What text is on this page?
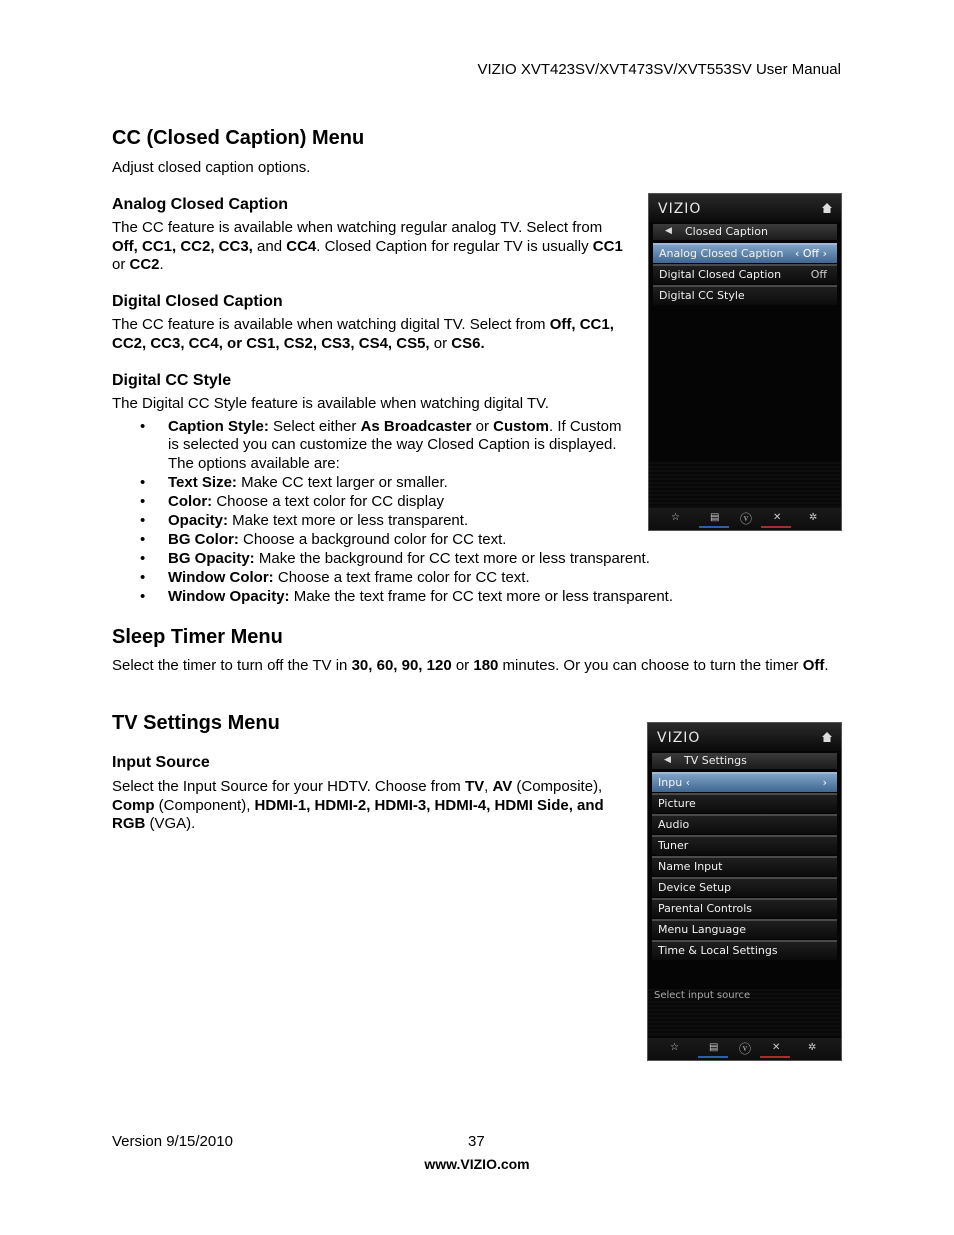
VIZIO XVT423SV/XVT473SV/XVT553SV User Manual
CC (Closed Caption) Menu

Adjust closed caption options.

Analog Closed Caption

The CC feature is available when watching regular analog TV. Select from Off, CC1, CC2, CC3, and CC4. Closed Caption for regular TV is usually CC1 or CC2.

Digital Closed Caption

The CC feature is available when watching digital TV. Select from Off, CC1, CC2, CC3, CC4, or CS1, CS2, CS3, CS4, CS5, or CS6.

Digital CC Style

The Digital CC Style feature is available when watching digital TV.

• Caption Style: Select either As Broadcaster or Custom. If Custom is selected you can customize the way Closed Caption is displayed. The options available are:
• Text Size: Make CC text larger or smaller.
• Color: Choose a text color for CC display
• Opacity: Make text more or less transparent.
• BG Color: Choose a background color for CC text.
• BG Opacity: Make the background for CC text more or less transparent.
• Window Color: Choose a text frame color for CC text.
• Window Opacity: Make the text frame for CC text more or less transparent.
Sleep Timer Menu

Select the timer to turn off the TV in 30, 60, 90, 120 or 180 minutes. Or you can choose to turn the timer Off.

TV Settings Menu
Input Source

Select the Input Source for your HDTV. Choose from TV, AV (Composite), Comp (Component), HDMI-1, HDMI-2, HDMI-3, HDMI-4, HDMI Side, and RGB (VGA).

VIZIO
◀ Closed Caption
Analog Closed Caption ‹ Off ›
Digital Closed Caption	Off
Digital CC Style
☆	▤ ⓥ ✕	✲
VIZIO
◀ TV Settings
Inpu ‹	›
Picture
Audio
Tuner
Name Input
Device Setup
Parental Controls
Menu Language
Time & Local Settings
Select input source
☆	▤ ⓥ ✕	✲
Version 9/15/2010	37
www.VIZIO.com
